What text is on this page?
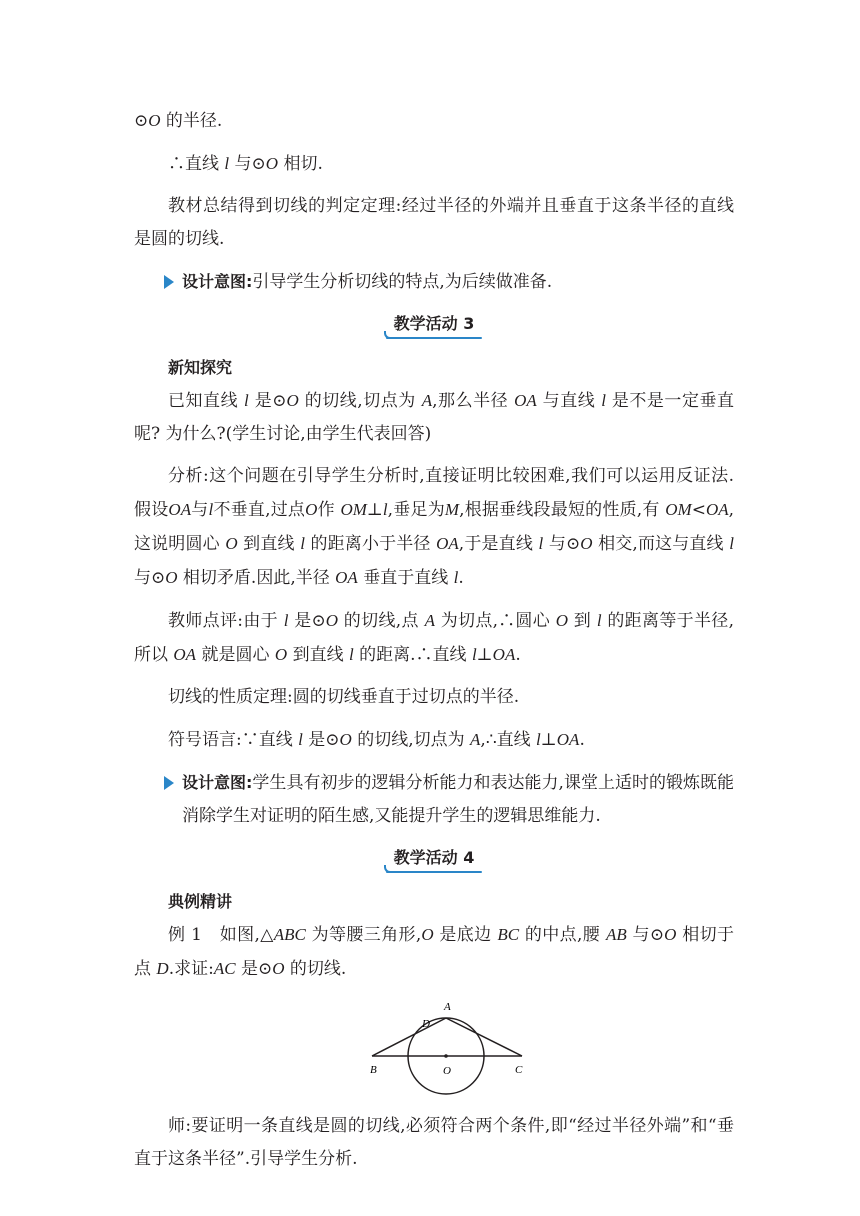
⊙O 的半径.

∴直线 l 与⊙O 相切.

教材总结得到切线的判定定理:经过半径的外端并且垂直于这条半径的直线是圆的切线.

设计意图:引导学生分析切线的特点,为后续做准备.
教学活动 3
新知探究

已知直线 l 是⊙O 的切线,切点为 A,那么半径 OA 与直线 l 是不是一定垂直呢? 为什么?(学生讨论,由学生代表回答)

分析:这个问题在引导学生分析时,直接证明比较困难,我们可以运用反证法. 假设OA与l不垂直,过点O作 OM⊥l,垂足为M,根据垂线段最短的性质,有 OM<OA, 这说明圆心 O 到直线 l 的距离小于半径 OA,于是直线 l 与⊙O 相交,而这与直线 l 与⊙O 相切矛盾.因此,半径 OA 垂直于直线 l.

教师点评:由于 l 是⊙O 的切线,点 A 为切点,∴圆心 O 到 l 的距离等于半径, 所以 OA 就是圆心 O 到直线 l 的距离.∴直线 l⊥OA.

切线的性质定理:圆的切线垂直于过切点的半径.

符号语言:∵直线 l 是⊙O 的切线,切点为 A,∴直线 l⊥OA.

设计意图:学生具有初步的逻辑分析能力和表达能力,课堂上适时的锻炼既能消除学生对证明的陌生感,又能提升学生的逻辑思维能力.
教学活动 4
典例精讲

例 1　如图,△ABC 为等腰三角形,O 是底边 BC 的中点,腰 AB 与⊙O 相切于点 D.求证:AC 是⊙O 的切线.

A
D
B	O	C

师:要证明一条直线是圆的切线,必须符合两个条件,即“经过半径外端”和“垂直于这条半径”.引导学生分析.
